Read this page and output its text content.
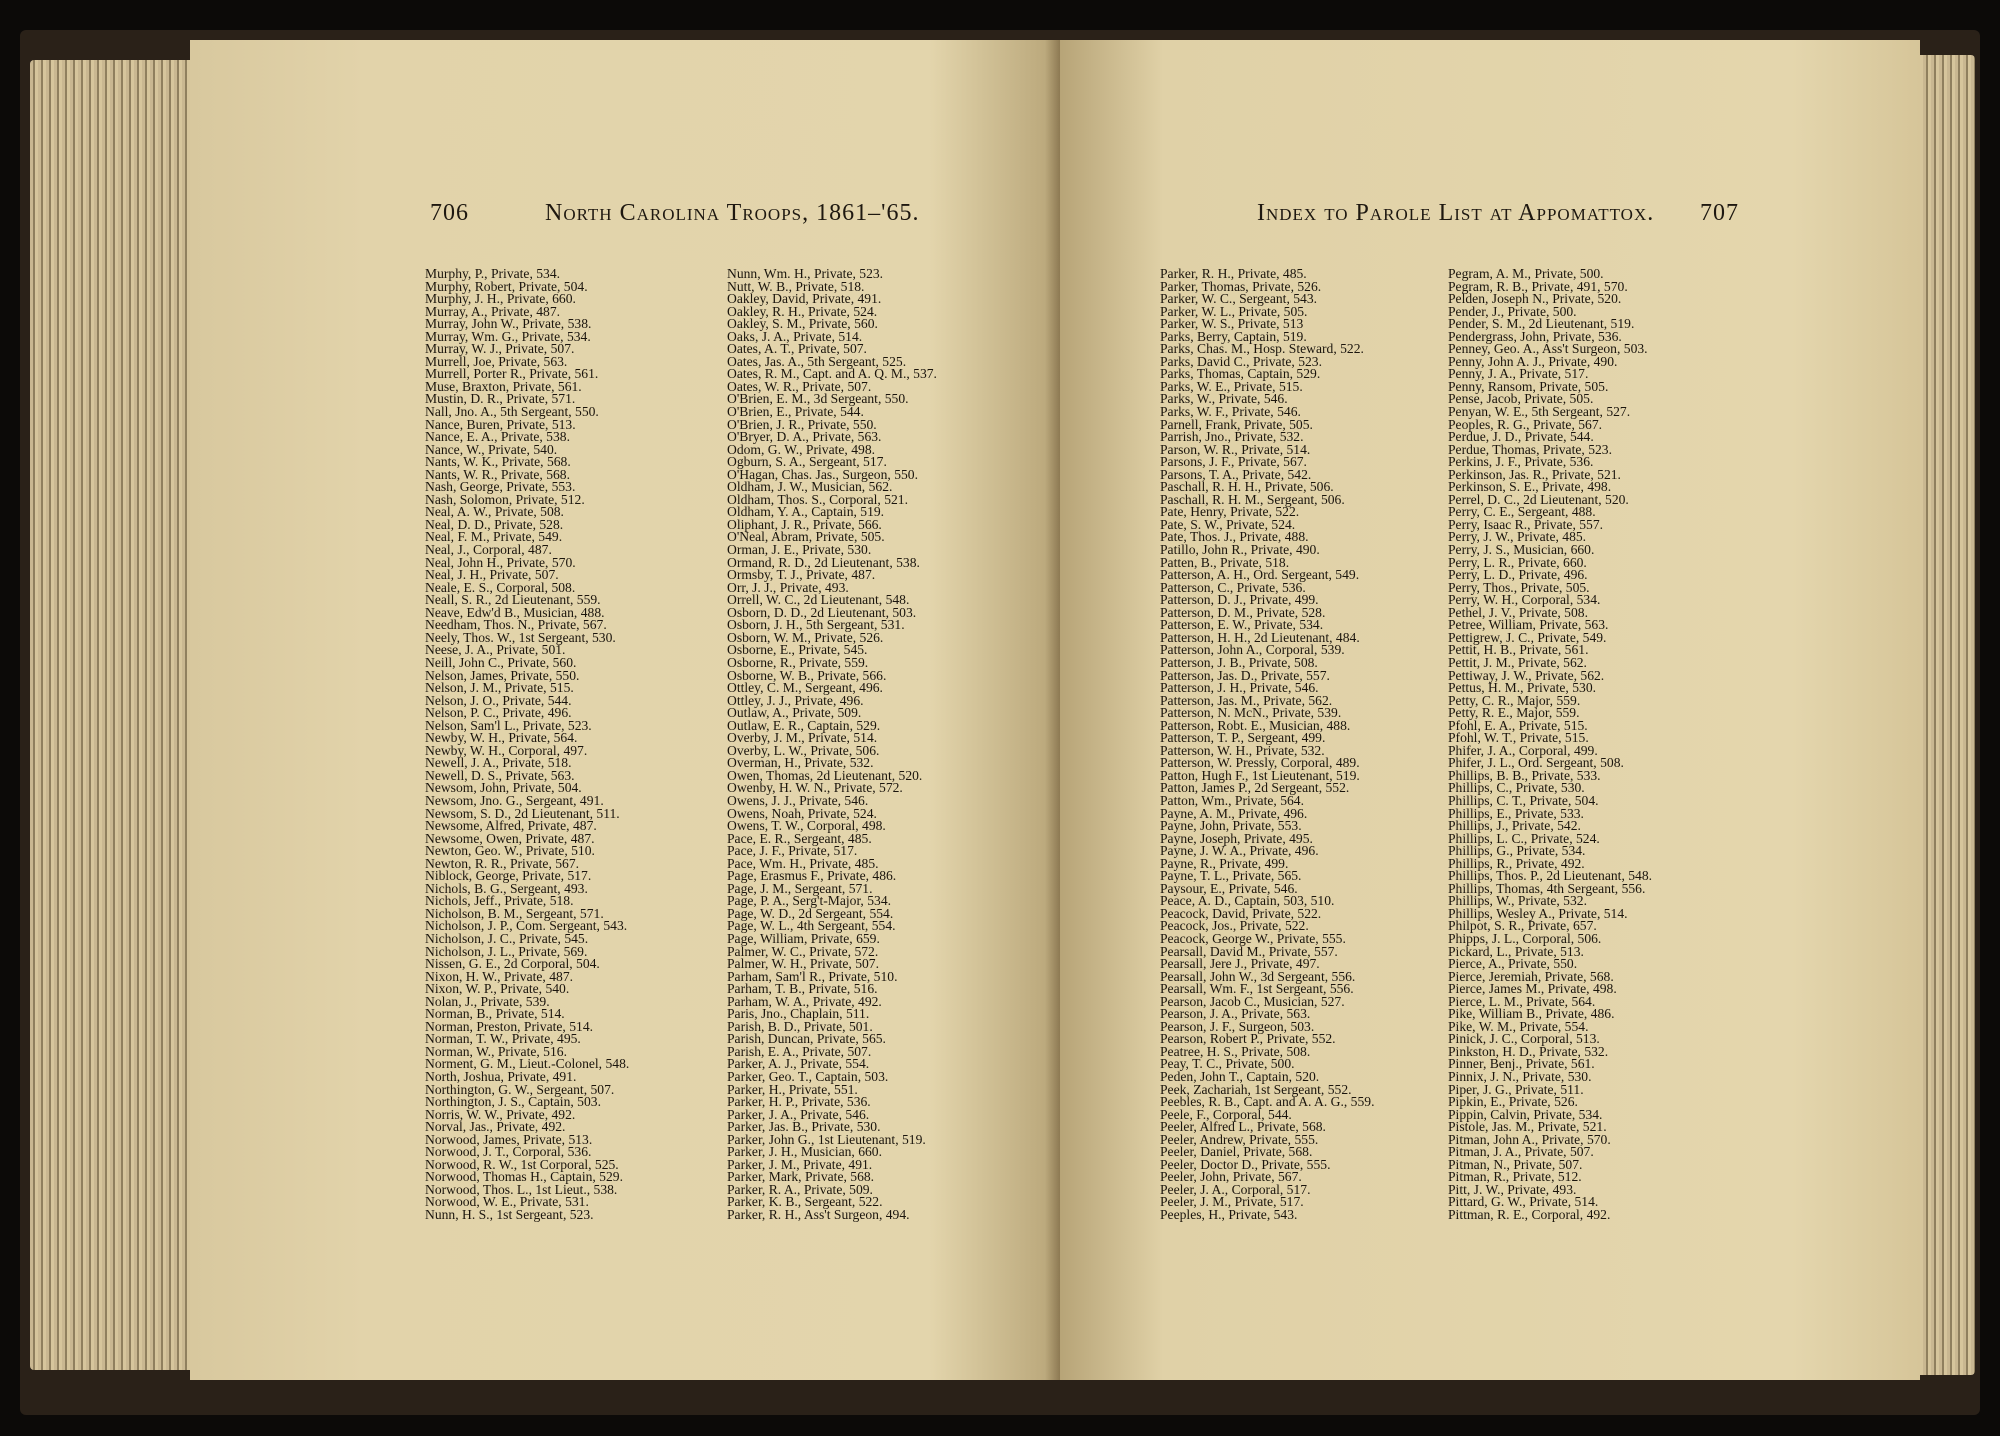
706	North Carolina Troops, 1861–'65.
Murphy, P., Private, 534.
Murphy, Robert, Private, 504.
Murphy, J. H., Private, 660.
Murray, A., Private, 487.
Murray, John W., Private, 538.
Murray, Wm. G., Private, 534.
Murray, W. J., Private, 507.
Murrell, Joe, Private, 563.
Murrell, Porter R., Private, 561.
Muse, Braxton, Private, 561.
Mustin, D. R., Private, 571.
Nall, Jno. A., 5th Sergeant, 550.
Nance, Buren, Private, 513.
Nance, E. A., Private, 538.
Nance, W., Private, 540.
Nants, W. K., Private, 568.
Nants, W. R., Private, 568.
Nash, George, Private, 553.
Nash, Solomon, Private, 512.
Neal, A. W., Private, 508.
Neal, D. D., Private, 528.
Neal, F. M., Private, 549.
Neal, J., Corporal, 487.
Neal, John H., Private, 570.
Neal, J. H., Private, 507.
Neale, E. S., Corporal, 508.
Neall, S. R., 2d Lieutenant, 559.
Neave, Edw'd B., Musician, 488.
Needham, Thos. N., Private, 567.
Neely, Thos. W., 1st Sergeant, 530.
Neese, J. A., Private, 501.
Neill, John C., Private, 560.
Nelson, James, Private, 550.
Nelson, J. M., Private, 515.
Nelson, J. O., Private, 544.
Nelson, P. C., Private, 496.
Nelson, Sam'l L., Private, 523.
Newby, W. H., Private, 564.
Newby, W. H., Corporal, 497.
Newell, J. A., Private, 518.
Newell, D. S., Private, 563.
Newsom, John, Private, 504.
Newsom, Jno. G., Sergeant, 491.
Newsom, S. D., 2d Lieutenant, 511.
Newsome, Alfred, Private, 487.
Newsome, Owen, Private, 487.
Newton, Geo. W., Private, 510.
Newton, R. R., Private, 567.
Niblock, George, Private, 517.
Nichols, B. G., Sergeant, 493.
Nichols, Jeff., Private, 518.
Nicholson, B. M., Sergeant, 571.
Nicholson, J. P., Com. Sergeant, 543.
Nicholson, J. C., Private, 545.
Nicholson, J. L., Private, 569.
Nissen, G. E., 2d Corporal, 504.
Nixon, H. W., Private, 487.
Nixon, W. P., Private, 540.
Nolan, J., Private, 539.
Norman, B., Private, 514.
Norman, Preston, Private, 514.
Norman, T. W., Private, 495.
Norman, W., Private, 516.
Norment, G. M., Lieut.-Colonel, 548.
North, Joshua, Private, 491.
Northington, G. W., Sergeant, 507.
Northington, J. S., Captain, 503.
Norris, W. W., Private, 492.
Norval, Jas., Private, 492.
Norwood, James, Private, 513.
Norwood, J. T., Corporal, 536.
Norwood, R. W., 1st Corporal, 525.
Norwood, Thomas H., Captain, 529.
Norwood, Thos. L., 1st Lieut., 538.
Norwood, W. E., Private, 531.
Nunn, H. S., 1st Sergeant, 523.
Nunn, Wm. H., Private, 523.
Nutt, W. B., Private, 518.
Oakley, David, Private, 491.
Oakley, R. H., Private, 524.
Oakley, S. M., Private, 560.
Oaks, J. A., Private, 514.
Oates, A. T., Private, 507.
Oates, Jas. A., 5th Sergeant, 525.
Oates, R. M., Capt. and A. Q. M., 537.
Oates, W. R., Private, 507.
O'Brien, E. M., 3d Sergeant, 550.
O'Brien, E., Private, 544.
O'Brien, J. R., Private, 550.
O'Bryer, D. A., Private, 563.
Odom, G. W., Private, 498.
Ogburn, S. A., Sergeant, 517.
O'Hagan, Chas. Jas., Surgeon, 550.
Oldham, J. W., Musician, 562.
Oldham, Thos. S., Corporal, 521.
Oldham, Y. A., Captain, 519.
Oliphant, J. R., Private, 566.
O'Neal, Abram, Private, 505.
Orman, J. E., Private, 530.
Ormand, R. D., 2d Lieutenant, 538.
Ormsby, T. J., Private, 487.
Orr, J. J., Private, 493.
Orrell, W. C., 2d Lieutenant, 548.
Osborn, D. D., 2d Lieutenant, 503.
Osborn, J. H., 5th Sergeant, 531.
Osborn, W. M., Private, 526.
Osborne, E., Private, 545.
Osborne, R., Private, 559.
Osborne, W. B., Private, 566.
Ottley, C. M., Sergeant, 496.
Ottley, J. J., Private, 496.
Outlaw, A., Private, 509.
Outlaw, E. R., Captain, 529.
Overby, J. M., Private, 514.
Overby, L. W., Private, 506.
Overman, H., Private, 532.
Owen, Thomas, 2d Lieutenant, 520.
Owenby, H. W. N., Private, 572.
Owens, J. J., Private, 546.
Owens, Noah, Private, 524.
Owens, T. W., Corporal, 498.
Pace, E. R., Sergeant, 485.
Pace, J. F., Private, 517.
Pace, Wm. H., Private, 485.
Page, Erasmus F., Private, 486.
Page, J. M., Sergeant, 571.
Page, P. A., Serg't-Major, 534.
Page, W. D., 2d Sergeant, 554.
Page, W. L., 4th Sergeant, 554.
Page, William, Private, 659.
Palmer, W. C., Private, 572.
Palmer, W. H., Private, 507.
Parham, Sam'l R., Private, 510.
Parham, T. B., Private, 516.
Parham, W. A., Private, 492.
Paris, Jno., Chaplain, 511.
Parish, B. D., Private, 501.
Parish, Duncan, Private, 565.
Parish, E. A., Private, 507.
Parker, A. J., Private, 554.
Parker, Geo. T., Captain, 503.
Parker, H., Private, 551.
Parker, H. P., Private, 536.
Parker, J. A., Private, 546.
Parker, Jas. B., Private, 530.
Parker, John G., 1st Lieutenant, 519.
Parker, J. H., Musician, 660.
Parker, J. M., Private, 491.
Parker, Mark, Private, 568.
Parker, R. A., Private, 509.
Parker, K. B., Sergeant, 522.
Parker, R. H., Ass't Surgeon, 494.
Index to Parole List at Appomattox. 707
Parker, R. H., Private, 485.
Parker, Thomas, Private, 526.
Parker, W. C., Sergeant, 543.
Parker, W. L., Private, 505.
Parker, W. S., Private, 513
Parks, Berry, Captain, 519.
Parks, Chas. M., Hosp. Steward, 522.
Parks, David C., Private, 523.
Parks, Thomas, Captain, 529.
Parks, W. E., Private, 515.
Parks, W., Private, 546.
Parks, W. F., Private, 546.
Parnell, Frank, Private, 505.
Parrish, Jno., Private, 532.
Parson, W. R., Private, 514.
Parsons, J. F., Private, 567.
Parsons, T. A., Private, 542.
Paschall, R. H. H., Private, 506.
Paschall, R. H. M., Sergeant, 506.
Pate, Henry, Private, 522.
Pate, S. W., Private, 524.
Pate, Thos. J., Private, 488.
Patillo, John R., Private, 490.
Patten, B., Private, 518.
Patterson, A. H., Ord. Sergeant, 549.
Patterson, C., Private, 536.
Patterson, D. J., Private, 499.
Patterson, D. M., Private, 528.
Patterson, E. W., Private, 534.
Patterson, H. H., 2d Lieutenant, 484.
Patterson, John A., Corporal, 539.
Patterson, J. B., Private, 508.
Patterson, Jas. D., Private, 557.
Patterson, J. H., Private, 546.
Patterson, Jas. M., Private, 562.
Patterson, N. McN., Private, 539.
Patterson, Robt. E., Musician, 488.
Patterson, T. P., Sergeant, 499.
Patterson, W. H., Private, 532.
Patterson, W. Pressly, Corporal, 489.
Patton, Hugh F., 1st Lieutenant, 519.
Patton, James P., 2d Sergeant, 552.
Patton, Wm., Private, 564.
Payne, A. M., Private, 496.
Payne, John, Private, 553.
Payne, Joseph, Private, 495.
Payne, J. W. A., Private, 496.
Payne, R., Private, 499.
Payne, T. L., Private, 565.
Paysour, E., Private, 546.
Peace, A. D., Captain, 503, 510.
Peacock, David, Private, 522.
Peacock, Jos., Private, 522.
Peacock, George W., Private, 555.
Pearsall, David M., Private, 557.
Pearsall, Jere J., Private, 497.
Pearsall, John W., 3d Sergeant, 556.
Pearsall, Wm. F., 1st Sergeant, 556.
Pearson, Jacob C., Musician, 527.
Pearson, J. A., Private, 563.
Pearson, J. F., Surgeon, 503.
Pearson, Robert P., Private, 552.
Peatree, H. S., Private, 508.
Peay, T. C., Private, 500.
Peden, John T., Captain, 520.
Peek, Zachariah, 1st Sergeant, 552.
Peebles, R. B., Capt. and A. A. G., 559.
Peele, F., Corporal, 544.
Peeler, Alfred L., Private, 568.
Peeler, Andrew, Private, 555.
Peeler, Daniel, Private, 568.
Peeler, Doctor D., Private, 555.
Peeler, John, Private, 567.
Peeler, J. A., Corporal, 517.
Peeler, J. M., Private, 517.
Peeples, H., Private, 543.
Pegram, A. M., Private, 500.
Pegram, R. B., Private, 491, 570.
Pelden, Joseph N., Private, 520.
Pender, J., Private, 500.
Pender, S. M., 2d Lieutenant, 519.
Pendergrass, John, Private, 536.
Penney, Geo. A., Ass't Surgeon, 503.
Penny, John A. J., Private, 490.
Penny, J. A., Private, 517.
Penny, Ransom, Private, 505.
Pense, Jacob, Private, 505.
Penyan, W. E., 5th Sergeant, 527.
Peoples, R. G., Private, 567.
Perdue, J. D., Private, 544.
Perdue, Thomas, Private, 523.
Perkins, J. F., Private, 536.
Perkinson, Jas. R., Private, 521.
Perkinson, S. E., Private, 498.
Perrel, D. C., 2d Lieutenant, 520.
Perry, C. E., Sergeant, 488.
Perry, Isaac R., Private, 557.
Perry, J. W., Private, 485.
Perry, J. S., Musician, 660.
Perry, L. R., Private, 660.
Perry, L. D., Private, 496.
Perry, Thos., Private, 505.
Perry, W. H., Corporal, 534.
Pethel, J. V., Private, 508.
Petree, William, Private, 563.
Pettigrew, J. C., Private, 549.
Pettit, H. B., Private, 561.
Pettit, J. M., Private, 562.
Pettiway, J. W., Private, 562.
Pettus, H. M., Private, 530.
Petty, C. R., Major, 559.
Petty, R. E., Major, 559.
Pfohl, E. A., Private, 515.
Pfohl, W. T., Private, 515.
Phifer, J. A., Corporal, 499.
Phifer, J. L., Ord. Sergeant, 508.
Phillips, B. B., Private, 533.
Phillips, C., Private, 530.
Phillips, C. T., Private, 504.
Phillips, E., Private, 533.
Phillips, J., Private, 542.
Phillips, L. C., Private, 524.
Phillips, G., Private, 534.
Phillips, R., Private, 492.
Phillips, Thos. P., 2d Lieutenant, 548.
Phillips, Thomas, 4th Sergeant, 556.
Phillips, W., Private, 532.
Phillips, Wesley A., Private, 514.
Philpot, S. R., Private, 657.
Phipps, J. L., Corporal, 506.
Pickard, L., Private, 513.
Pierce, A., Private, 550.
Pierce, Jeremiah, Private, 568.
Pierce, James M., Private, 498.
Pierce, L. M., Private, 564.
Pike, William B., Private, 486.
Pike, W. M., Private, 554.
Pinick, J. C., Corporal, 513.
Pinkston, H. D., Private, 532.
Pinner, Benj., Private, 561.
Pinnix, J. N., Private, 530.
Piper, J. G., Private, 511.
Pipkin, E., Private, 526.
Pippin, Calvin, Private, 534.
Pistole, Jas. M., Private, 521.
Pitman, John A., Private, 570.
Pitman, J. A., Private, 507.
Pitman, N., Private, 507.
Pitman, R., Private, 512.
Pitt, J. W., Private, 493.
Pittard, G. W., Private, 514.
Pittman, R. E., Corporal, 492.
